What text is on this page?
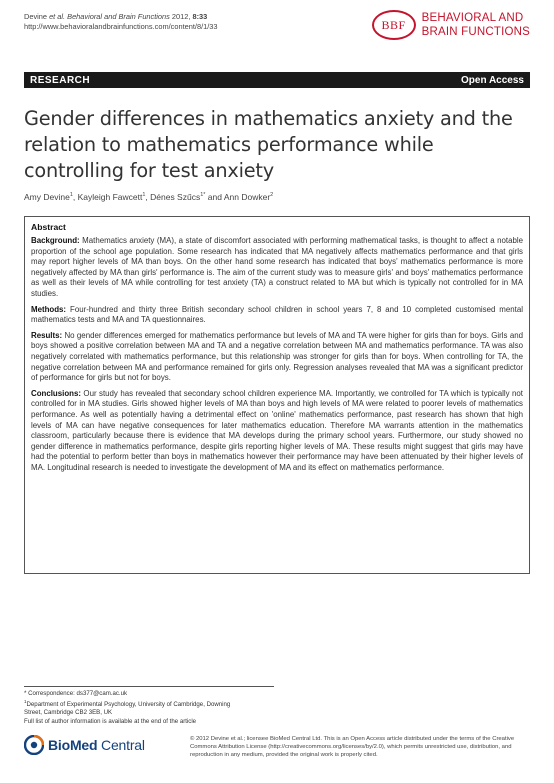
Devine et al. Behavioral and Brain Functions 2012, 8:33
http://www.behavioralandbrainfunctions.com/content/8/1/33	BBF	BEHAVIORAL AND
BRAIN FUNCTIONS
RESEARCH	Open Access
Gender differences in mathematics anxiety and the relation to mathematics performance while controlling for test anxiety
Amy Devine$^1$, Kayleigh Fawcett$^1$, Dénes Szűcs$^{1*}$ and Ann Dowker$^2$
Abstract

Background: Mathematics anxiety (MA), a state of discomfort associated with performing mathematical tasks, is thought to affect a notable proportion of the school age population. Some research has indicated that MA negatively affects mathematics performance and that girls may report higher levels of MA than boys. On the other hand some research has indicated that boys' mathematics performance is more negatively affected by MA than girls' performance is. The aim of the current study was to measure girls' and boys' mathematics performance as well as their levels of MA while controlling for test anxiety (TA) a construct related to MA but which is typically not controlled for in MA studies.

Methods: Four-hundred and thirty three British secondary school children in school years 7, 8 and 10 completed customised mental mathematics tests and MA and TA questionnaires.

Results: No gender differences emerged for mathematics performance but levels of MA and TA were higher for girls than for boys. Girls and boys showed a positive correlation between MA and TA and a negative correlation between MA and mathematics performance. TA was also negatively correlated with mathematics performance, but this relationship was stronger for girls than for boys. When controlling for TA, the negative correlation between MA and performance remained for girls only. Regression analyses revealed that MA was a significant predictor of performance for girls but not for boys.

Conclusions: Our study has revealed that secondary school children experience MA. Importantly, we controlled for TA which is typically not controlled for in MA studies. Girls showed higher levels of MA than boys and high levels of MA were related to poorer levels of mathematics performance. As well as potentially having a detrimental effect on 'online' mathematics performance, past research has shown that high levels of MA can have negative consequences for later mathematics education. Therefore MA warrants attention in the mathematics classroom, particularly because there is evidence that MA develops during the primary school years. Furthermore, our study showed no gender difference in mathematics performance, despite girls reporting higher levels of MA. These results might suggest that girls may have had the potential to perform better than boys in mathematics however their performance may have been attenuated by their higher levels of MA. Longitudinal research is needed to investigate the development of MA and its effect on mathematics performance.

* Correspondence: ds377@cam.ac.uk
$^1$Department of Experimental Psychology, University of Cambridge, Downing
Street, Cambridge CB2 3EB, UK
Full list of author information is available at the end of the article
BioMed Central	© 2012 Devine et al.; licensee BioMed Central Ltd. This is an Open Access article distributed under the terms of the Creative Commons Attribution License (http://creativecommons.org/licenses/by/2.0), which permits unrestricted use, distribution, and reproduction in any medium, provided the original work is properly cited.
